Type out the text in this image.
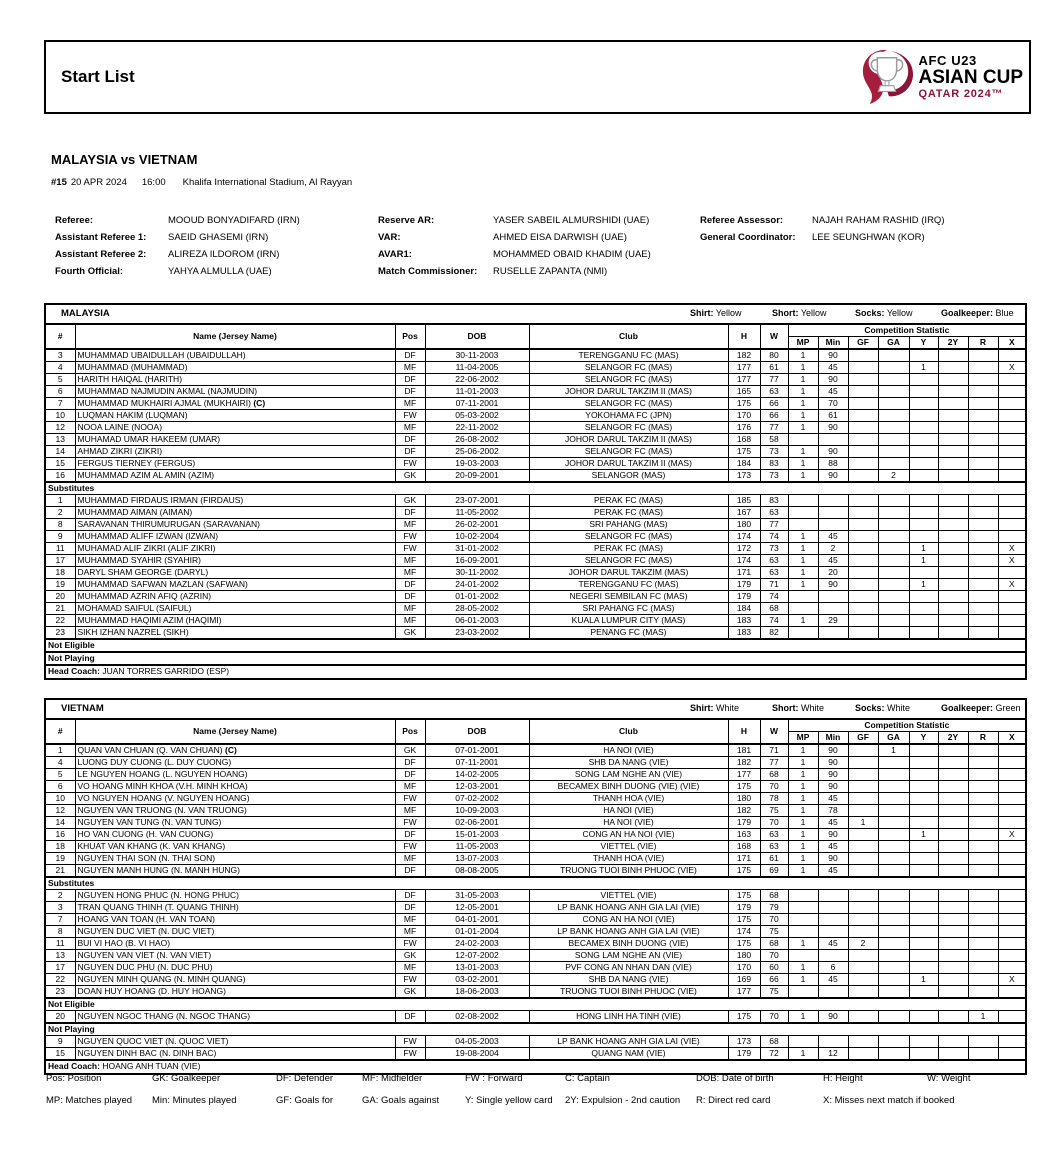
Start List
AFC U23
ASIAN CUP
QATAR 2024™
MALAYSIA vs VIETNAM
#15 20 APR 2024 16:00 Khalifa International Stadium, Al Rayyan
Referee:	MOOUD BONYADIFARD (IRN)
Assistant Referee 1: SAEID GHASEMI (IRN)
Assistant Referee 2: ALIREZA ILDOROM (IRN)
Fourth Official:	YAHYA ALMULLA (UAE)
Reserve AR:	YASER SABEIL ALMURSHIDI (UAE)
VAR:	AHMED EISA DARWISH (UAE)
AVAR1:	MOHAMMED OBAID KHADIM (UAE)
Match Commissioner: RUSELLE ZAPANTA (NMI)
Referee Assessor:	NAJAH RAHAM RASHID (IRQ)
General Coordinator: LEE SEUNGHWAN (KOR)
MALAYSIA Shirt: Yellow Short: Yellow Socks: Yellow Goalkeeper: Blue														

#	Name (Jersey Name)	Pos	DOB	Club	H	W	Competition Statistic							
							MP	Min	GF	GA	Y	2Y	R	X
3	MUHAMMAD UBAIDULLAH (UBAIDULLAH)	DF	30-11-2003	TERENGGANU FC (MAS)	182	80	1	90						
4	MUHAMMAD (MUHAMMAD)	MF	11-04-2005	SELANGOR FC (MAS)	177	61	1	45			1			X
5	HARITH HAIQAL (HARITH)	DF	22-06-2002	SELANGOR FC (MAS)	177	77	1	90						
6	MUHAMMAD NAJMUDIN AKMAL (NAJMUDIN)	DF	11-01-2003	JOHOR DARUL TAKZIM II (MAS)	165	63	1	45						
7	MUHAMMAD MUKHAIRI AJMAL (MUKHAIRI) (C)	MF	07-11-2001	SELANGOR FC (MAS)	175	66	1	70						
10	LUQMAN HAKIM (LUQMAN)	FW	05-03-2002	YOKOHAMA FC (JPN)	170	66	1	61						
12	NOOA LAINE (NOOA)	MF	22-11-2002	SELANGOR FC (MAS)	176	77	1	90						
13	MUHAMAD UMAR HAKEEM (UMAR)	DF	26-08-2002	JOHOR DARUL TAKZIM II (MAS)	168	58								
14	AHMAD ZIKRI (ZIKRI)	DF	25-06-2002	SELANGOR FC (MAS)	175	73	1	90						
15	FERGUS TIERNEY (FERGUS)	FW	19-03-2003	JOHOR DARUL TAKZIM II (MAS)	184	83	1	88						
16	MUHAMMAD AZIM AL AMIN (AZIM)	GK	20-09-2001	SELANGOR (MAS)	173	73	1	90		2				
Substitutes														
1	MUHAMMAD FIRDAUS IRMAN (FIRDAUS)	GK	23-07-2001	PERAK FC (MAS)	185	83								
2	MUHAMMAD AIMAN (AIMAN)	DF	11-05-2002	PERAK FC (MAS)	167	63								
8	SARAVANAN THIRUMURUGAN (SARAVANAN)	MF	26-02-2001	SRI PAHANG (MAS)	180	77								
9	MUHAMMAD ALIFF IZWAN (IZWAN)	FW	10-02-2004	SELANGOR FC (MAS)	174	74	1	45						
11	MUHAMAD ALIF ZIKRI (ALIF ZIKRI)	FW	31-01-2002	PERAK FC (MAS)	172	73	1	2			1			X
17	MUHAMMAD SYAHIR (SYAHIR)	MF	16-09-2001	SELANGOR FC (MAS)	174	63	1	45			1			X
18	DARYL SHAM GEORGE (DARYL)	MF	30-11-2002	JOHOR DARUL TAKZIM (MAS)	171	63	1	20						
19	MUHAMMAD SAFWAN MAZLAN (SAFWAN)	DF	24-01-2002	TERENGGANU FC (MAS)	179	71	1	90			1			X
20	MUHAMMAD AZRIN AFIQ (AZRIN)	DF	01-01-2002	NEGERI SEMBILAN FC (MAS)	179	74								
21	MOHAMAD SAIFUL (SAIFUL)	MF	28-05-2002	SRI PAHANG FC (MAS)	184	68								
22	MUHAMMAD HAQIMI AZIM (HAQIMI)	MF	06-01-2003	KUALA LUMPUR CITY (MAS)	183	74	1	29						
23	SIKH IZHAN NAZREL (SIKH)	GK	23-03-2002	PENANG FC (MAS)	183	82								
Not Eligible														
Not Playing														
Head Coach: JUAN TORRES GARRIDO (ESP)														
VIETNAM Shirt: White Short: White Socks: White Goalkeeper: Green														

#	Name (Jersey Name)	Pos	DOB	Club	H	W	Competition Statistic							
							MP	Min	GF	GA	Y	2Y	R	X
1	QUAN VAN CHUAN (Q. VAN CHUAN) (C)	GK	07-01-2001	HA NOI (VIE)	181	71	1	90		1				
4	LUONG DUY CUONG (L. DUY CUONG)	DF	07-11-2001	SHB DA NANG (VIE)	182	77	1	90						
5	LE NGUYEN HOANG (L. NGUYEN HOANG)	DF	14-02-2005	SONG LAM NGHE AN (VIE)	177	68	1	90						
6	VO HOANG MINH KHOA (V.H. MINH KHOA)	MF	12-03-2001	BECAMEX BINH DUONG (VIE) (VIE)	175	70	1	90						
10	VO NGUYEN HOANG (V. NGUYEN HOANG)	FW	07-02-2002	THANH HOA (VIE)	180	78	1	45						
12	NGUYEN VAN TRUONG (N. VAN TRUONG)	MF	10-09-2003	HA NOI (VIE)	182	75	1	78						
14	NGUYEN VAN TUNG (N. VAN TUNG)	FW	02-06-2001	HA NOI (VIE)	179	70	1	45	1					
16	HO VAN CUONG (H. VAN CUONG)	DF	15-01-2003	CONG AN HA NOI (VIE)	163	63	1	90			1			X
18	KHUAT VAN KHANG (K. VAN KHANG)	FW	11-05-2003	VIETTEL (VIE)	168	63	1	45						
19	NGUYEN THAI SON (N. THAI SON)	MF	13-07-2003	THANH HOA (VIE)	171	61	1	90						
21	NGUYEN MANH HUNG (N. MANH HUNG)	DF	08-08-2005	TRUONG TUOI BINH PHUOC (VIE)	175	69	1	45						
Substitutes														
2	NGUYEN HONG PHUC (N. HONG PHUC)	DF	31-05-2003	VIETTEL (VIE)	175	68								
3	TRAN QUANG THINH (T. QUANG THINH)	DF	12-05-2001	LP BANK HOANG ANH GIA LAI (VIE)	179	79								
7	HOANG VAN TOAN (H. VAN TOAN)	MF	04-01-2001	CONG AN HA NOI (VIE)	175	70								
8	NGUYEN DUC VIET (N. DUC VIET)	MF	01-01-2004	LP BANK HOANG ANH GIA LAI (VIE)	174	75								
11	BUI VI HAO (B. VI HAO)	FW	24-02-2003	BECAMEX BINH DUONG (VIE)	175	68	1	45	2					
13	NGUYEN VAN VIET (N. VAN VIET)	GK	12-07-2002	SONG LAM NGHE AN (VIE)	180	70								
17	NGUYEN DUC PHU (N. DUC PHU)	MF	13-01-2003	PVF CONG AN NHAN DAN (VIE)	170	60	1	6						
22	NGUYEN MINH QUANG (N. MINH QUANG)	FW	03-02-2001	SHB DA NANG (VIE)	169	66	1	45			1			X
23	DOAN HUY HOANG (D. HUY HOANG)	GK	18-06-2003	TRUONG TUOI BINH PHUOC (VIE)	177	75								
Not Eligible														
20	NGUYEN NGOC THANG (N. NGOC THANG)	DF	02-08-2002	HONG LINH HA TINH (VIE)	175	70	1	90					1	
Not Playing														
9	NGUYEN QUOC VIET (N. QUOC VIET)	FW	04-05-2003	LP BANK HOANG ANH GIA LAI (VIE)	173	68								
15	NGUYEN DINH BAC (N. DINH BAC)	FW	19-08-2004	QUANG NAM (VIE)	179	72	1	12						
Head Coach: HOANG ANH TUAN (VIE)														
Pos: Position	GK: Goalkeeper	DF: Defender	MF: Midfielder	FW : Forward	C: Captain	DOB: Date of birth	H: Height	W: Weight
MP: Matches played Min: Minutes played	GF: Goals for	GA: Goals against	Y: Single yellow card 2Y: Expulsion - 2nd caution R: Direct red card	X: Misses next match if booked
